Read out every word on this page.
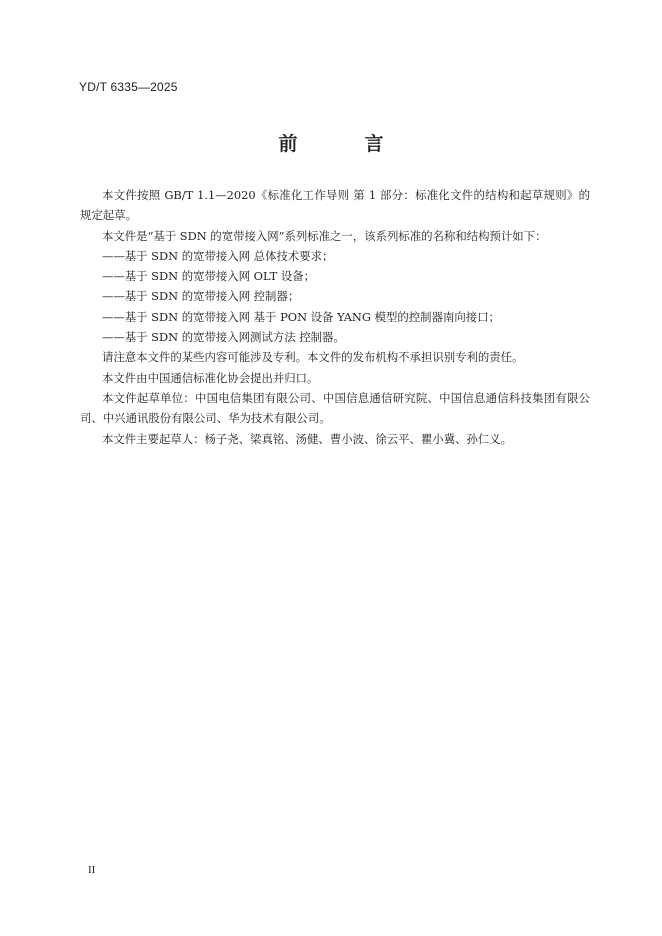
YD/T 6335—2025
前　言

本文件按照 GB/T 1.1—2020《标准化工作导则 第 1 部分：标准化文件的结构和起草规则》的规定起草。

本文件是“基于 SDN 的宽带接入网”系列标准之一，该系列标准的名称和结构预计如下：

——基于 SDN 的宽带接入网 总体技术要求；

——基于 SDN 的宽带接入网 OLT 设备；

——基于 SDN 的宽带接入网 控制器；

——基于 SDN 的宽带接入网 基于 PON 设备 YANG 模型的控制器南向接口；

——基于 SDN 的宽带接入网测试方法 控制器。

请注意本文件的某些内容可能涉及专利。本文件的发布机构不承担识别专利的责任。

本文件由中国通信标准化协会提出并归口。

本文件起草单位：中国电信集团有限公司、中国信息通信研究院、中国信息通信科技集团有限公司、中兴通讯股份有限公司、华为技术有限公司。

本文件主要起草人：杨子尧、梁真铭、汤健、曹小波、徐云平、瞿小冀、孙仁义。

II
